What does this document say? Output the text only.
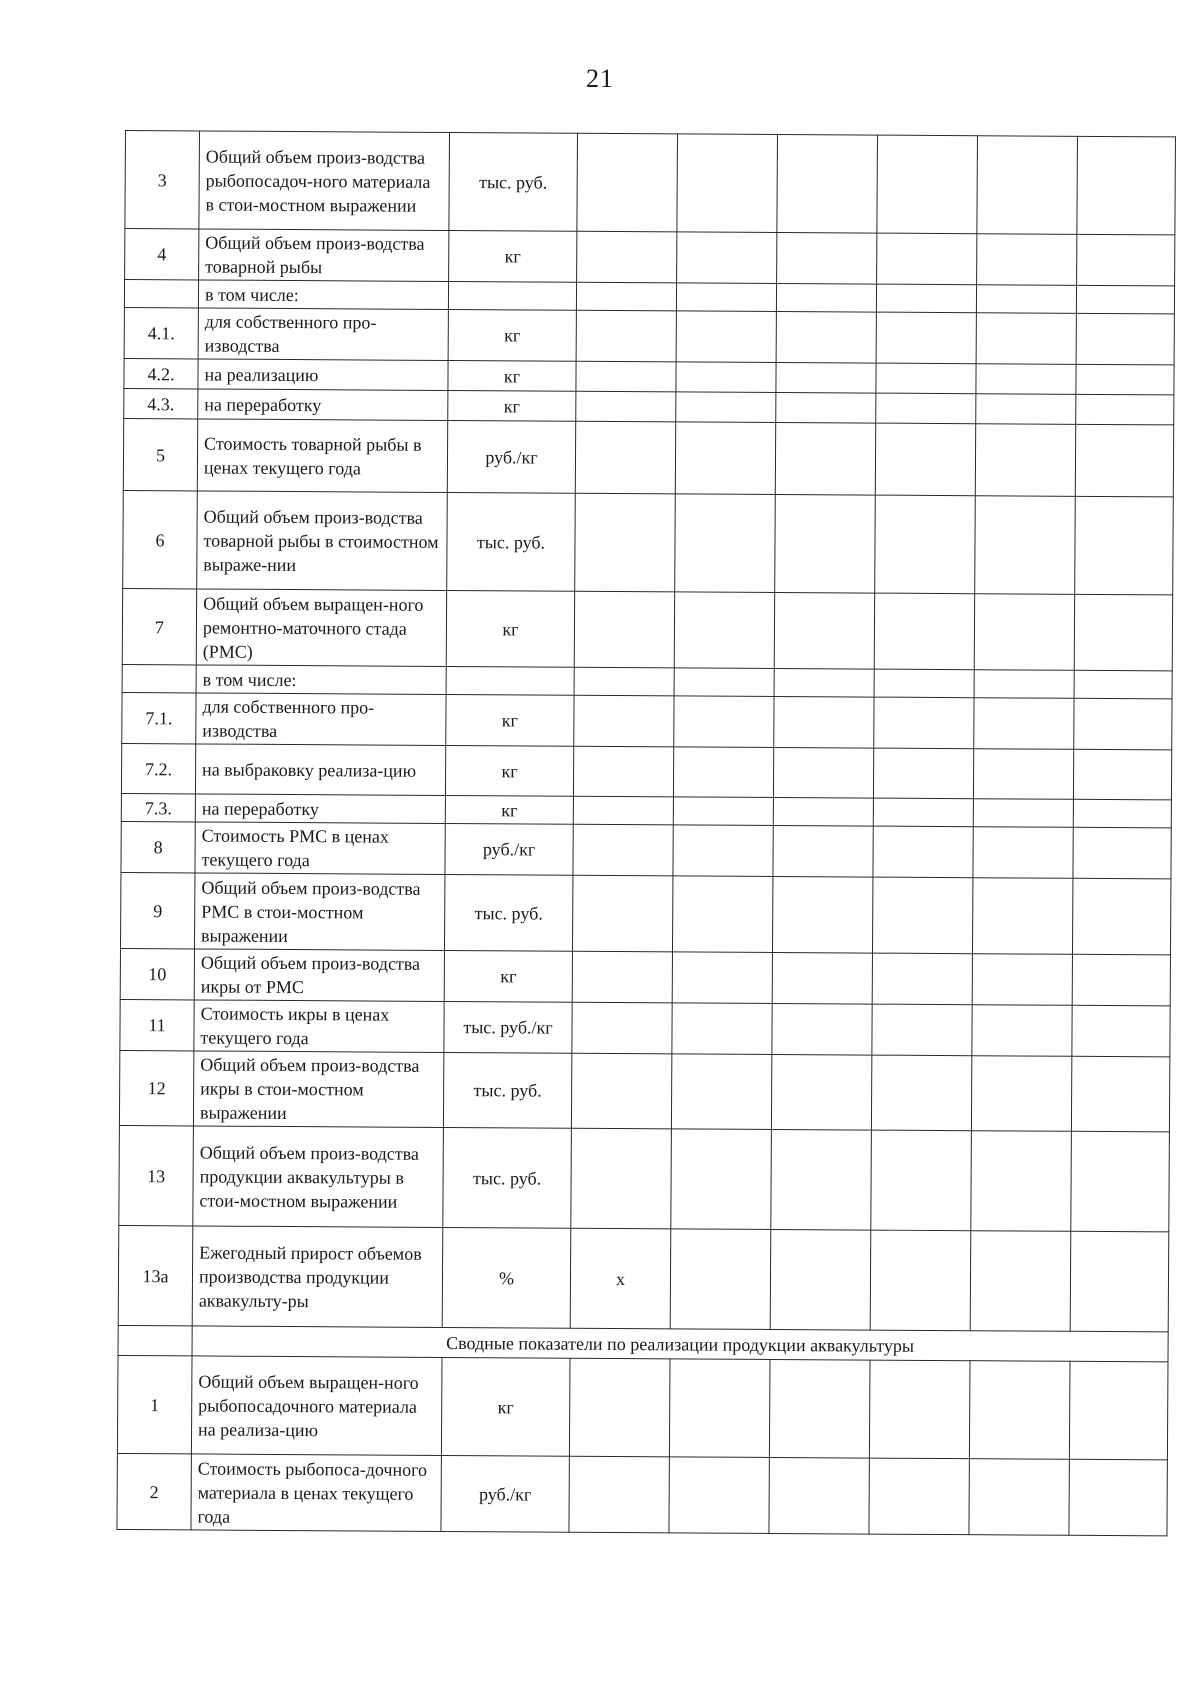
21
3	Общий объем произ-водства рыбопосадоч-ного материала в стои-мостном выражении	тыс. руб.						
4	Общий объем произ-водства товарной рыбы	кг						
	в том числе:							
4.1.	для собственного про-изводства	кг						
4.2.	на реализацию	кг						
4.3.	на переработку	кг						
5	Стоимость товарной рыбы в ценах текущего года	руб./кг						
6	Общий объем произ-водства товарной рыбы в стоимостном выраже-нии	тыс. руб.						
7	Общий объем выращен-ного ремонтно-маточного стада (РМС)	кг						
	в том числе:							
7.1.	для собственного про-изводства	кг						
7.2.	на выбраковку реализа-цию	кг						
7.3.	на переработку	кг						
8	Стоимость РМС в ценах текущего года	руб./кг						
9	Общий объем произ-водства РМС в стои-мостном выражении	тыс. руб.						
10	Общий объем произ-водства икры от РМС	кг						
11	Стоимость икры в ценах текущего года	тыс. руб./кг						
12	Общий объем произ-водства икры в стои-мостном выражении	тыс. руб.						
13	Общий объем произ-водства продукции аквакультуры в стои-мостном выражении	тыс. руб.						
13а	Ежегодный прирост объемов производства продукции аквакульту-ры	%	х					
	Сводные показатели по реализации продукции аквакультуры							
1	Общий объем выращен-ного рыбопосадочного материала на реализа-цию	кг						
2	Стоимость рыбопоса-дочного материала в ценах текущего года	руб./кг						
